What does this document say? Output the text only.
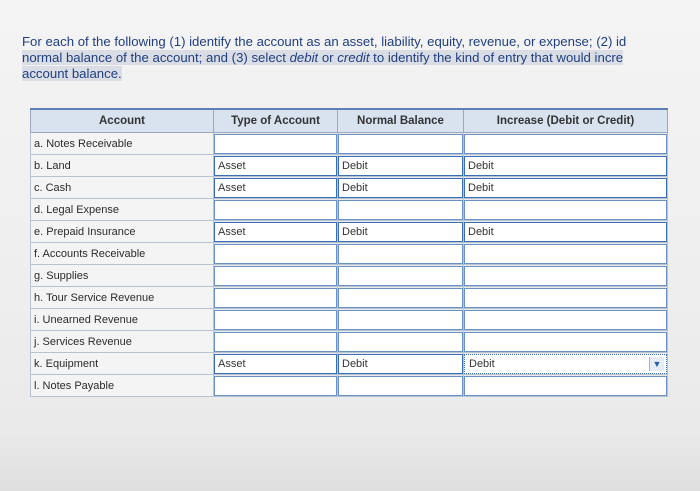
For each of the following (1) identify the account as an asset, liability, equity, revenue, or expense; (2) id
normal balance of the account; and (3) select debit or credit to identify the kind of entry that would incre
account balance.
Account	Type of Account	Normal Balance	Increase (Debit or Credit)
a. Notes Receivable	

b. Land	Asset	Debit	Debit

c. Cash	Asset	Debit	Debit

d. Legal Expense	

e. Prepaid Insurance	Asset	Debit	Debit

f. Accounts Receivable	

g. Supplies	

h. Tour Service Revenue	

i. Unearned Revenue	

j. Services Revenue	

k. Equipment	Asset	Debit	Debit ▼

l. Notes Payable	
